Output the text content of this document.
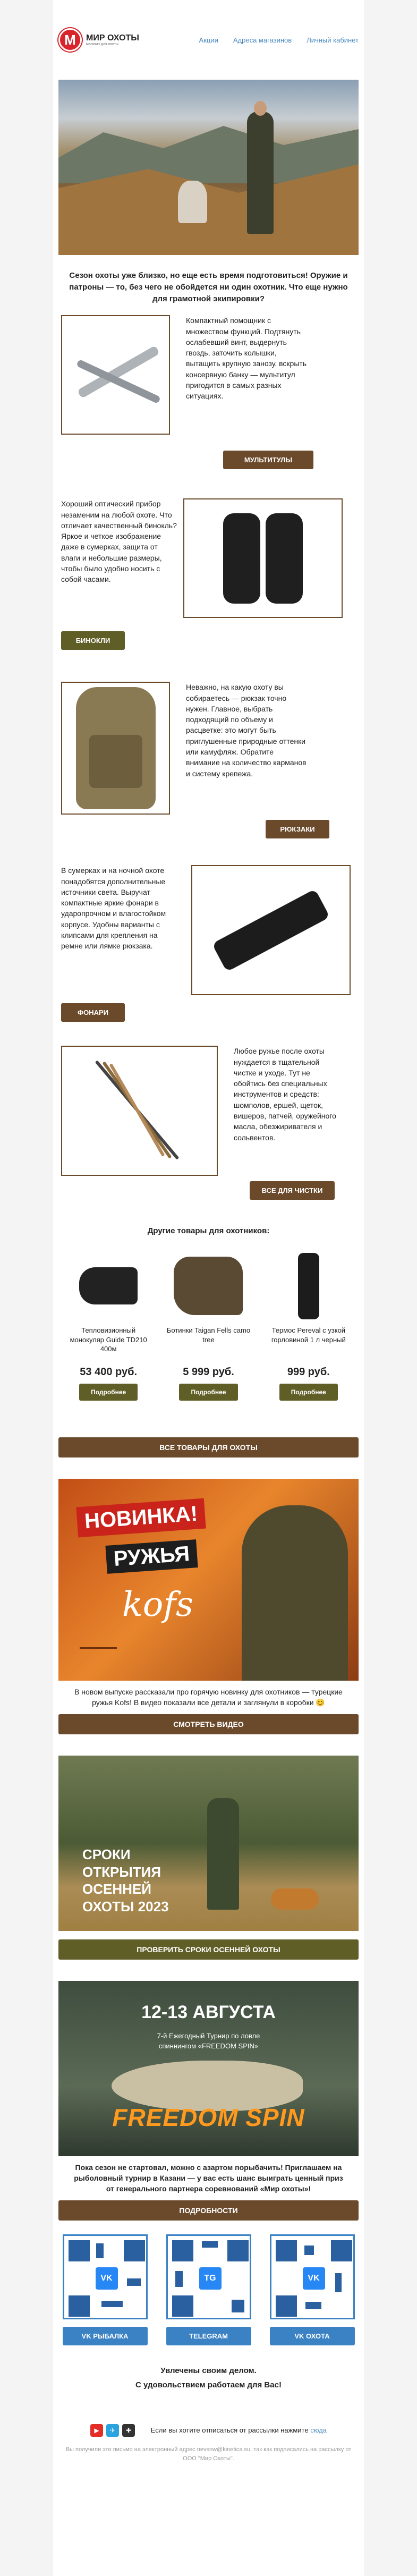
М	МИР ОХОТЫ
магазин для охоты
Акции Адреса магазинов Личный кабинет
Сезон охоты уже близко, но еще есть время подготовиться! Оружие и патроны — то, без чего не обойдется ни один охотник. Что еще нужно для грамотной экипировки?
Компактный помощник с множеством функций. Подтянуть ослабевший винт, выдернуть гвоздь, заточить колышки, вытащить крупную занозу, вскрыть консервную банку — мультитул пригодится в самых разных ситуациях.
МУЛЬТИТУЛЫ
Хороший оптический прибор незаменим на любой охоте. Что отличает качественный бинокль? Яркое и четкое изображение даже в сумерках, защита от влаги и небольшие размеры, чтобы было удобно носить с собой часами.
БИНОКЛИ
Неважно, на какую охоту вы собираетесь — рюкзак точно нужен. Главное, выбрать подходящий по объему и расцветке: это могут быть приглушенные природные оттенки или камуфляж. Обратите внимание на количество карманов и систему крепежа.
РЮКЗАКИ
В сумерках и на ночной охоте понадобятся дополнительные источники света. Выручат компактные яркие фонари в ударопрочном и влагостойком корпусе. Удобны варианты с клипсами для крепления на ремне или лямке рюкзака.
ФОНАРИ
Любое ружье после охоты нуждается в тщательной чистке и уходе. Тут не обойтись без специальных инструментов и средств: шомполов, ершей, щеток, вишеров, патчей, оружейного масла, обезжиривателя и сольвентов.
ВСЕ ДЛЯ ЧИСТКИ
Другие товары для охотников:
Тепловизионный монокуляр Guide TD210 400м
53 400 руб.
Подробнее
Ботинки Taigan Fells camo tree
5 999 руб.
Подробнее
Термос Pereval с узкой горловиной 1 л черный
999 руб.
Подробнее
ВСЕ ТОВАРЫ ДЛЯ ОХОТЫ
НОВИНКА!
РУЖЬЯ
kofs
В новом выпуске рассказали про горячую новинку для охотников — турецкие ружья Kofs! В видео показали все детали и заглянули в коробки 😊
СМОТРЕТЬ ВИДЕО
СРОКИ ОТКРЫТИЯ ОСЕННЕЙ ОХОТЫ 2023
ПРОВЕРИТЬ СРОКИ ОСЕННЕЙ ОХОТЫ
12-13 АВГУСТА
7-й Ежегодный Турнир по ловле спиннингом «FREEDOM SPIN»
FREEDOM SPIN
Пока сезон не стартовал, можно с азартом порыбачить! Приглашаем на рыболовный турнир в Казани — у вас есть шанс выиграть ценный приз от генерального партнера соревнований «Мир охоты»!
ПОДРОБНОСТИ
VK
VK РЫБАЛКА
TG
TELEGRAM
VK
VK ОХОТА
Увлечены своим делом.
С удовольствием работаем для Вас!
▶	✈	✚	Если вы хотите отписаться от рассылки нажмите сюда
Вы получили это письмо на электронный адрес nevsnw@kinetica.su, так как подписались на рассылку от ООО "Мир Охоты".
